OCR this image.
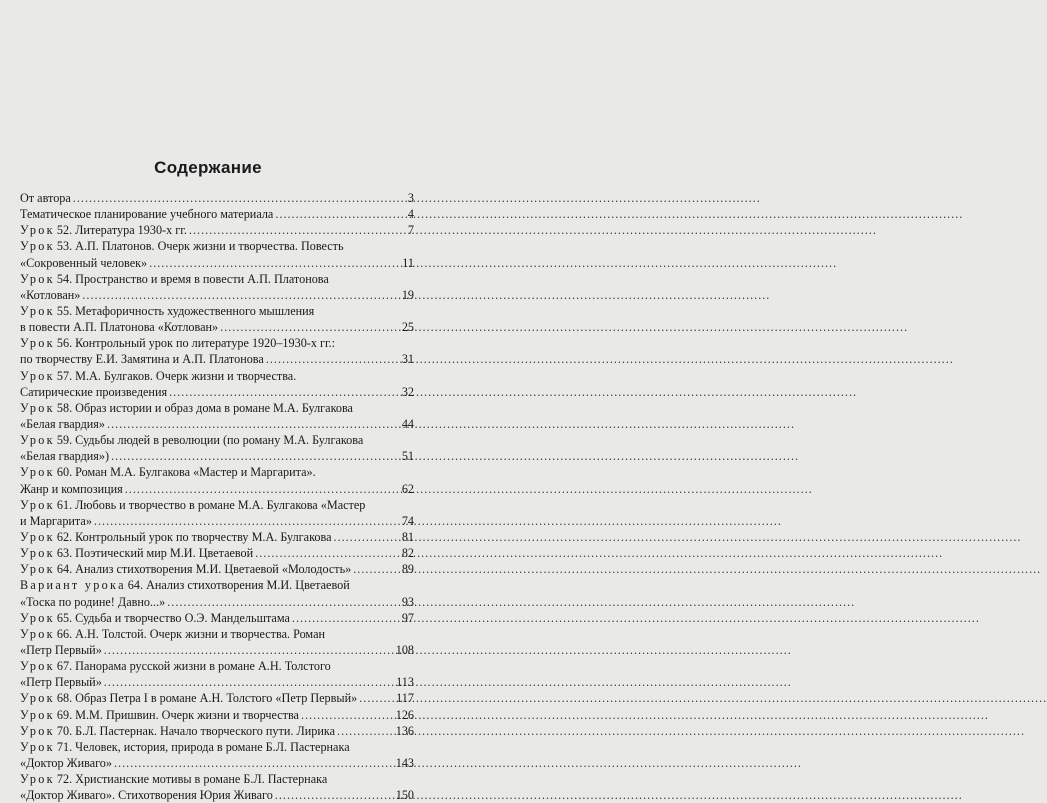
Содержание
От автора .....	3
Тематическое планирование учебного материала .....	4
Урок 52. Литература 1930-х гг. .....	7
Урок 53. А.П. Платонов. Очерк жизни и творчества. Повесть
«Сокровенный человек» .....	11
Урок 54. Пространство и время в повести А.П. Платонова
«Котлован» .....	19
Урок 55. Метафоричность художественного мышления
в повести А.П. Платонова «Котлован» .....	25
Урок 56. Контрольный урок по литературе 1920–1930-х гг.:
по творчеству Е.И. Замятина и А.П. Платонова .....	31
Урок 57. М.А. Булгаков. Очерк жизни и творчества.
Сатирические произведения .....	32
Урок 58. Образ истории и образ дома в романе М.А. Булгакова
«Белая гвардия» .....	44
Урок 59. Судьбы людей в революции (по роману М.А. Булгакова
«Белая гвардия») .....	51
Урок 60. Роман М.А. Булгакова «Мастер и Маргарита».
Жанр и композиция .....	62
Урок 61. Любовь и творчество в романе М.А. Булгакова «Мастер
и Маргарита» .....	74
Урок 62. Контрольный урок по творчеству М.А. Булгакова .....	81
Урок 63. Поэтический мир М.И. Цветаевой .....	82
Урок 64. Анализ стихотворения М.И. Цветаевой «Молодость» .....	89
Вариант урока 64. Анализ стихотворения М.И. Цветаевой
«Тоска по родине! Давно...» .....	93
Урок 65. Судьба и творчество О.Э. Мандельштама .....	97
Урок 66. А.Н. Толстой. Очерк жизни и творчества. Роман
«Петр Первый» .....	108
Урок 67. Панорама русской жизни в романе А.Н. Толстого
«Петр Первый» .....	113
Урок 68. Образ Петра I в романе А.Н. Толстого «Петр Первый» .....	117
Урок 69. М.М. Пришвин. Очерк жизни и творчества .....	126
Урок 70. Б.Л. Пастернак. Начало творческого пути. Лирика .....	136
Урок 71. Человек, история, природа в романе Б.Л. Пастернака
«Доктор Живаго» .....	143
Урок 72. Христианские мотивы в романе Б.Л. Пастернака
«Доктор Живаго». Стихотворения Юрия Живаго .....	150
